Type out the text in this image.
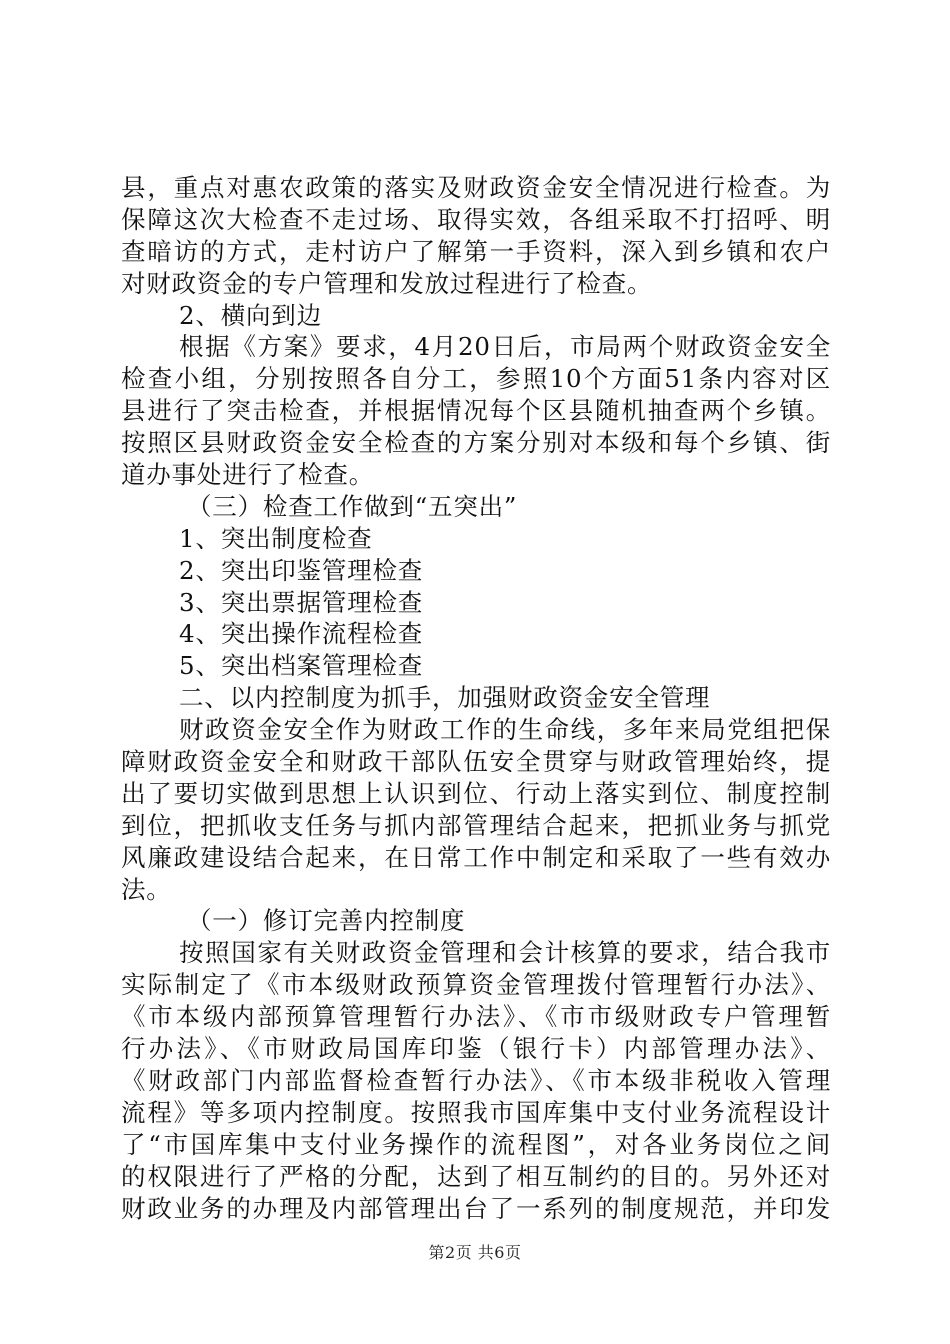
县，重点对惠农政策的落实及财政资金安全情况进行检查。为
保障这次大检查不走过场、取得实效，各组采取不打招呼、明
查暗访的方式，走村访户了解第一手资料，深入到乡镇和农户
对财政资金的专户管理和发放过程进行了检查。
2、横向到边
根据《方案》要求，4月20日后，市局两个财政资金安全
检查小组，分别按照各自分工，参照10个方面51条内容对区
县进行了突击检查，并根据情况每个区县随机抽查两个乡镇。
按照区县财政资金安全检查的方案分别对本级和每个乡镇、街
道办事处进行了检查。
（三）检查工作做到“五突出”
1、突出制度检查
2、突出印鉴管理检查
3、突出票据管理检查
4、突出操作流程检查
5、突出档案管理检查
二、以内控制度为抓手，加强财政资金安全管理
财政资金安全作为财政工作的生命线，多年来局党组把保
障财政资金安全和财政干部队伍安全贯穿与财政管理始终，提
出了要切实做到思想上认识到位、行动上落实到位、制度控制
到位，把抓收支任务与抓内部管理结合起来，把抓业务与抓党
风廉政建设结合起来，在日常工作中制定和采取了一些有效办
法。
（一）修订完善内控制度
按照国家有关财政资金管理和会计核算的要求，结合我市
实际制定了《市本级财政预算资金管理拨付管理暂行办法》、
《市本级内部预算管理暂行办法》、《市市级财政专户管理暂
行办法》、《市财政局国库印鉴（银行卡）内部管理办法》、
《财政部门内部监督检查暂行办法》、《市本级非税收入管理
流程》等多项内控制度。按照我市国库集中支付业务流程设计
了“市国库集中支付业务操作的流程图”，对各业务岗位之间
的权限进行了严格的分配，达到了相互制约的目的。另外还对
财政业务的办理及内部管理出台了一系列的制度规范，并印发
第2页 共6页
